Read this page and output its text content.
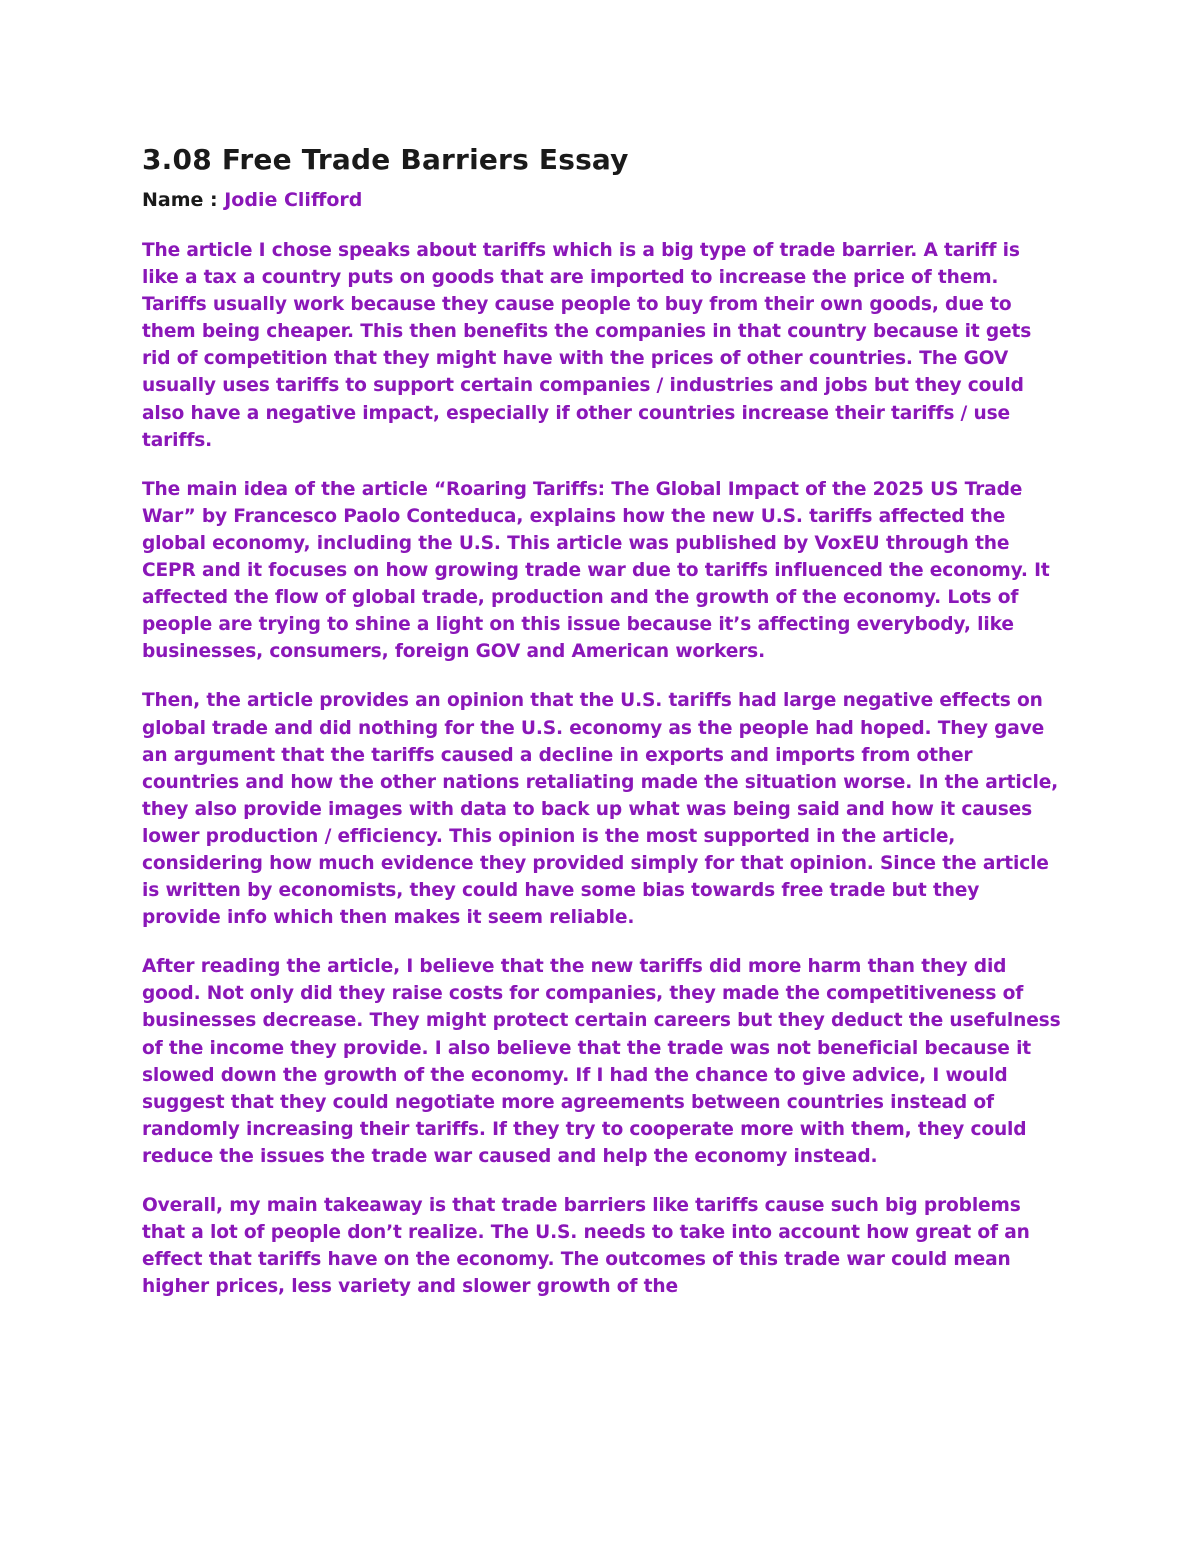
3.08 Free Trade Barriers Essay

Name : Jodie Clifford

The article I chose speaks about tariffs which is a big type of trade barrier. A tariff is like a tax a country puts on goods that are imported to increase the price of them. Tariffs usually work because they cause people to buy from their own goods, due to them being cheaper. This then benefits the companies in that country because it gets rid of competition that they might have with the prices of other countries. The GOV usually uses tariffs to support certain companies / industries and jobs but they could also have a negative impact, especially if other countries increase their tariffs / use tariffs.

The main idea of the article “Roaring Tariffs: The Global Impact of the 2025 US Trade War” by Francesco Paolo Conteduca, explains how the new U.S. tariffs affected the global economy, including the U.S. This article was published by VoxEU through the CEPR and it focuses on how growing trade war due to tariffs influenced the economy. It affected the flow of global trade, production and the growth of the economy. Lots of people are trying to shine a light on this issue because it’s affecting everybody, like businesses, consumers, foreign GOV and American workers.

Then, the article provides an opinion that the U.S. tariffs had large negative effects on global trade and did nothing for the U.S. economy as the people had hoped. They gave an argument that the tariffs caused a decline in exports and imports from other countries and how the other nations retaliating made the situation worse. In the article, they also provide images with data to back up what was being said and how it causes lower production / efficiency. This opinion is the most supported in the article, considering how much evidence they provided simply for that opinion. Since the article is written by economists, they could have some bias towards free trade but they provide info which then makes it seem reliable.

After reading the article, I believe that the new tariffs did more harm than they did good. Not only did they raise costs for companies, they made the competitiveness of businesses decrease. They might protect certain careers but they deduct the usefulness of the income they provide. I also believe that the trade was not beneficial because it slowed down the growth of the economy. If I had the chance to give advice, I would suggest that they could negotiate more agreements between countries instead of randomly increasing their tariffs. If they try to cooperate more with them, they could reduce the issues the trade war caused and help the economy instead.

Overall, my main takeaway is that trade barriers like tariffs cause such big problems that a lot of people don’t realize. The U.S. needs to take into account how great of an effect that tariffs have on the economy. The outcomes of this trade war could mean higher prices, less variety and slower growth of the
